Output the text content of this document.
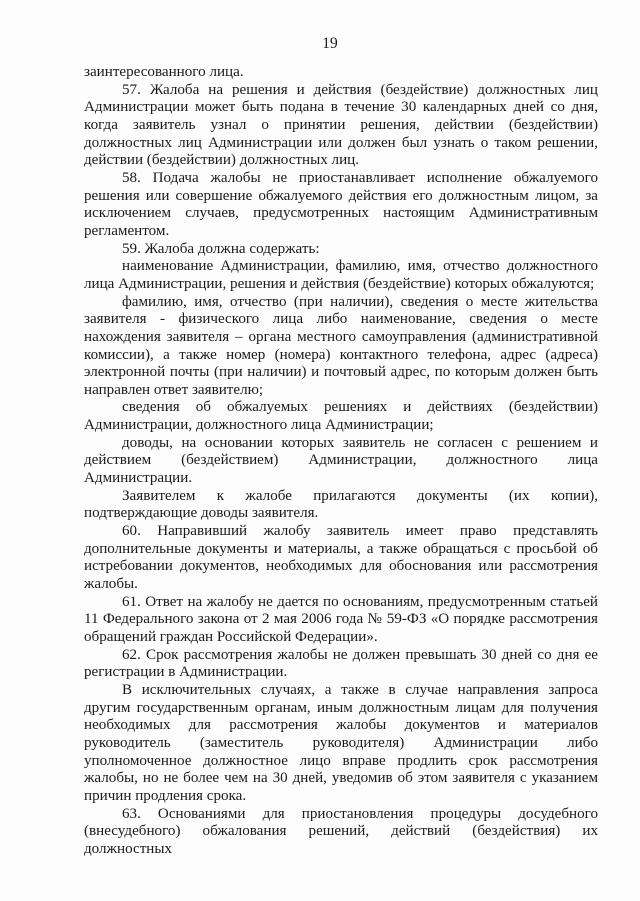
19

заинтересованного лица.

57. Жалоба на решения и действия (бездействие) должностных лиц Администрации может быть подана в течение 30 календарных дней со дня, когда заявитель узнал о принятии решения, действии (бездействии) должностных лиц Администрации или должен был узнать о таком решении, действии (бездействии) должностных лиц.

58. Подача жалобы не приостанавливает исполнение обжалуемого решения или совершение обжалуемого действия его должностным лицом, за исключением случаев, предусмотренных настоящим Административным регламентом.

59. Жалоба должна содержать:

наименование Администрации, фамилию, имя, отчество должностного лица Администрации, решения и действия (бездействие) которых обжалуются;

фамилию, имя, отчество (при наличии), сведения о месте жительства заявителя - физического лица либо наименование, сведения о месте нахождения заявителя – органа местного самоуправления (административной комиссии), а также номер (номера) контактного телефона, адрес (адреса) электронной почты (при наличии) и почтовый адрес, по которым должен быть направлен ответ заявителю;

сведения об обжалуемых решениях и действиях (бездействии) Администрации, должностного лица Администрации;

доводы, на основании которых заявитель не согласен с решением и действием (бездействием) Администрации, должностного лица Администрации.

Заявителем к жалобе прилагаются документы (их копии), подтверждающие доводы заявителя.

60. Направивший жалобу заявитель имеет право представлять дополнительные документы и материалы, а также обращаться с просьбой об истребовании документов, необходимых для обоснования или рассмотрения жалобы.

61. Ответ на жалобу не дается по основаниям, предусмотренным статьей 11 Федерального закона от 2 мая 2006 года № 59-ФЗ «О порядке рассмотрения обращений граждан Российской Федерации».

62. Срок рассмотрения жалобы не должен превышать 30 дней со дня ее регистрации в Администрации.

В исключительных случаях, а также в случае направления запроса другим государственным органам, иным должностным лицам для получения необходимых для рассмотрения жалобы документов и материалов руководитель (заместитель руководителя) Администрации либо уполномоченное должностное лицо вправе продлить срок рассмотрения жалобы, но не более чем на 30 дней, уведомив об этом заявителя с указанием причин продления срока.

63. Основаниями для приостановления процедуры досудебного (внесудебного) обжалования решений, действий (бездействия) их должностных
